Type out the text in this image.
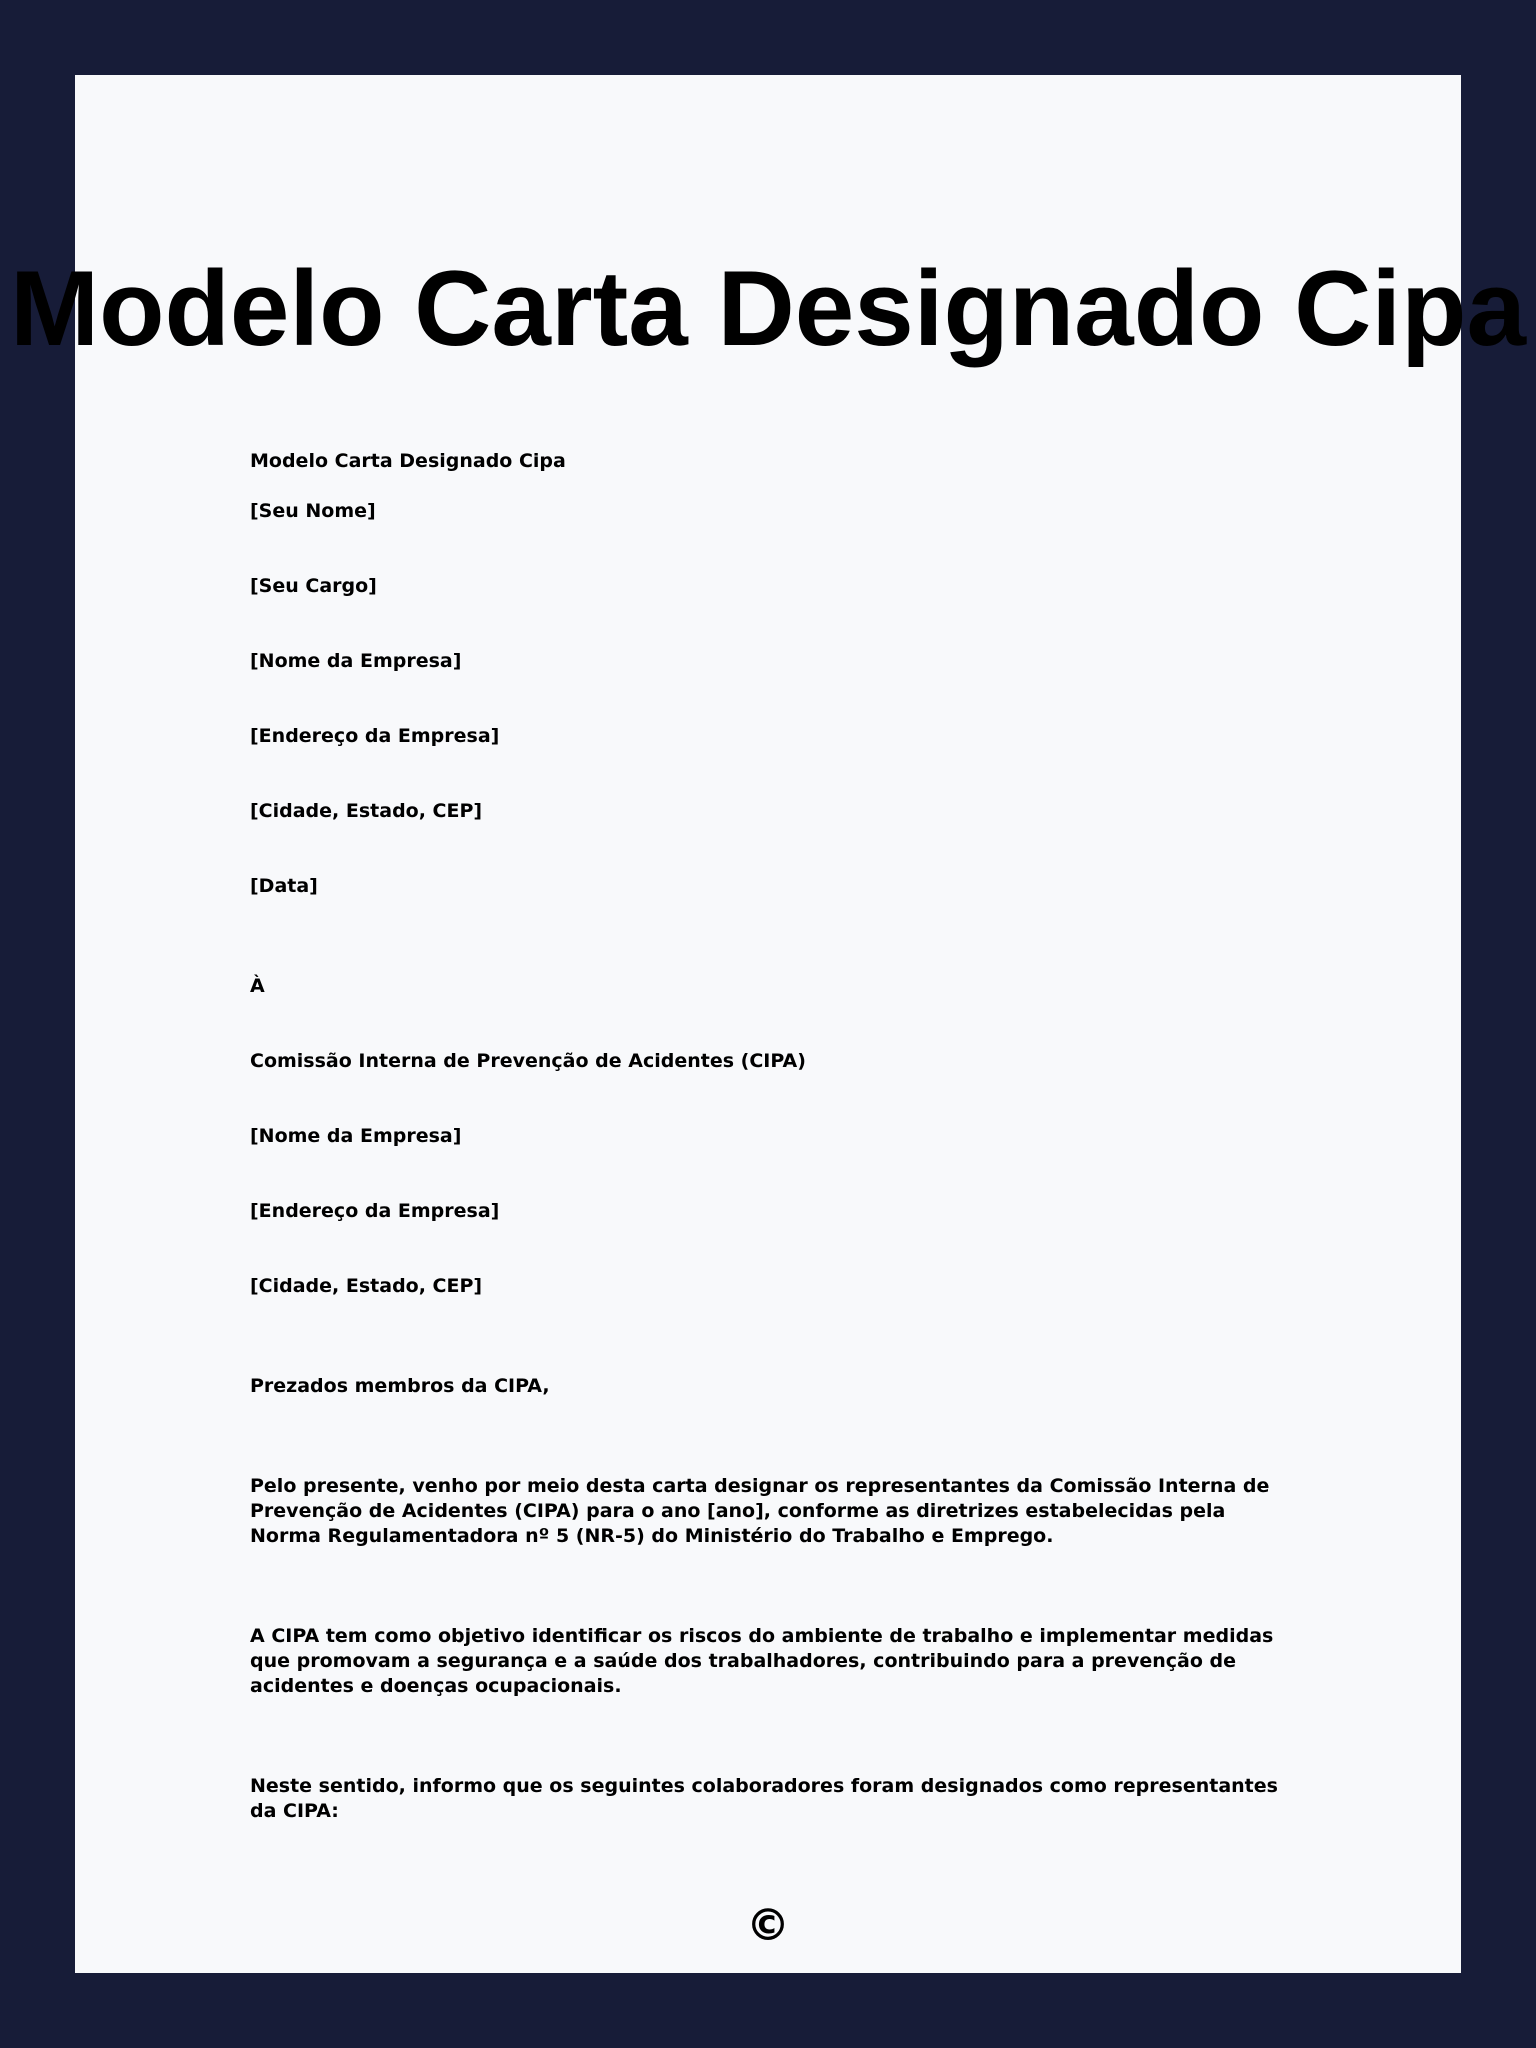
Modelo Carta Designado Cipa
Modelo Carta Designado Cipa
[Seu Nome]
[Seu Cargo]
[Nome da Empresa]
[Endereço da Empresa]
[Cidade, Estado, CEP]
[Data]
À
Comissão Interna de Prevenção de Acidentes (CIPA)
[Nome da Empresa]
[Endereço da Empresa]
[Cidade, Estado, CEP]
Prezados membros da CIPA,
Pelo presente, venho por meio desta carta designar os representantes da Comissão Interna de Prevenção de Acidentes (CIPA) para o ano [ano], conforme as diretrizes estabelecidas pela Norma Regulamentadora nº 5 (NR-5) do Ministério do Trabalho e Emprego.
A CIPA tem como objetivo identificar os riscos do ambiente de trabalho e implementar medidas que promovam a segurança e a saúde dos trabalhadores, contribuindo para a prevenção de acidentes e doenças ocupacionais.
Neste sentido, informo que os seguintes colaboradores foram designados como representantes da CIPA:
©
